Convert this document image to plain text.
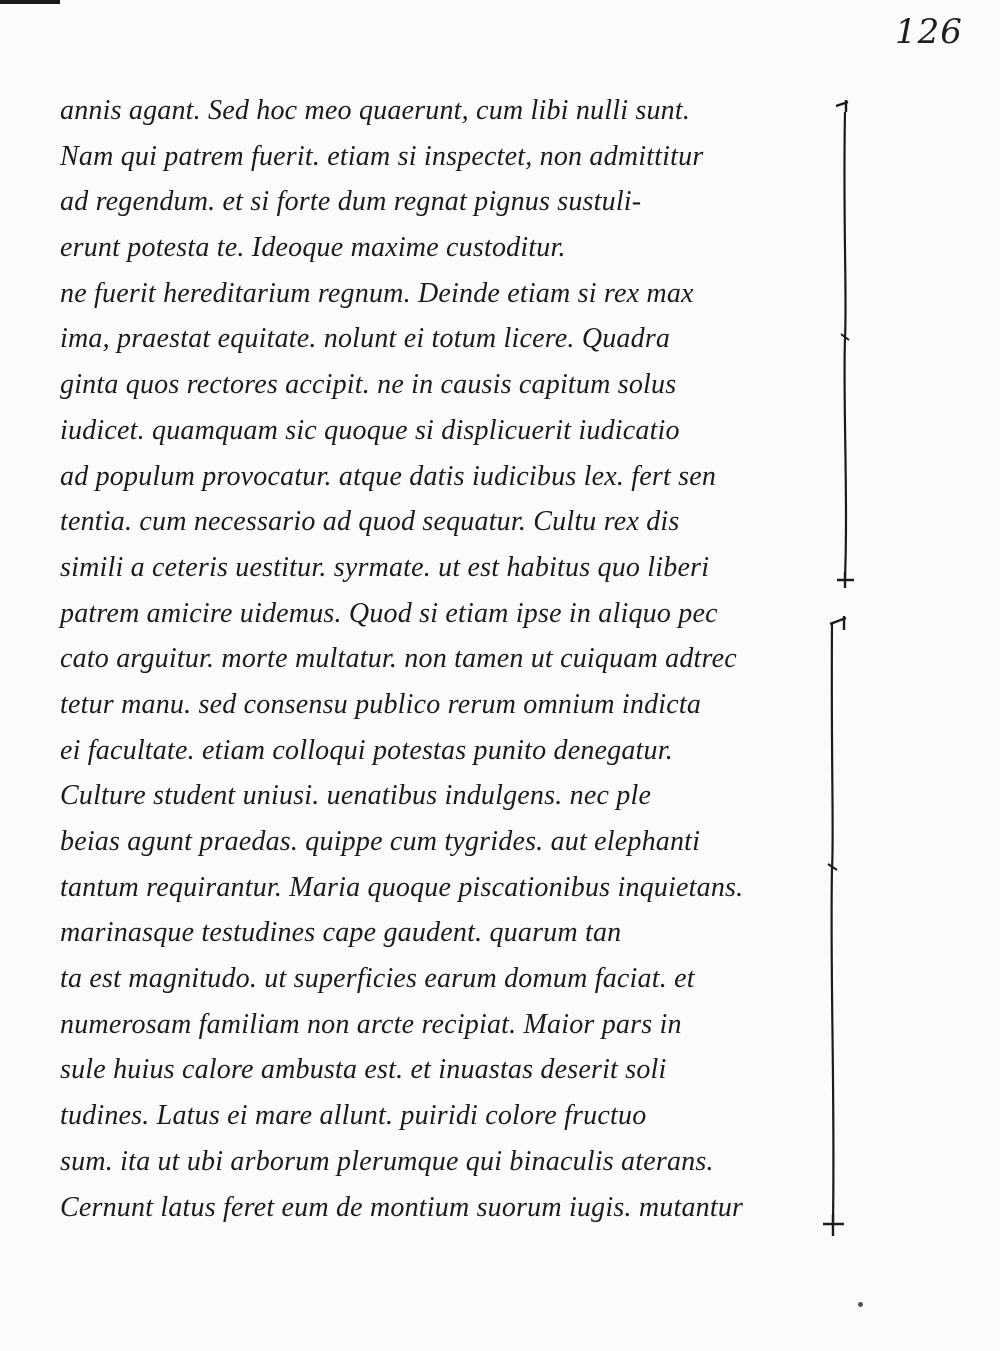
126
annis agant. Sed hoc meo quaerunt, cum libi nulli sunt.
Nam qui patrem fuerit. etiam si inspectet, non admittitur
ad regendum. et si forte dum regnat pignus sustuli-
erunt potesta te. Ideoque maxime custoditur.
ne fuerit hereditarium regnum. Deinde etiam si rex max
ima, praestat equitate. nolunt ei totum licere. Quadra
ginta quos rectores accipit. ne in causis capitum solus
iudicet. quamquam sic quoque si displicuerit iudicatio
ad populum provocatur. atque datis iudicibus lex. fert sen
tentia. cum necessario ad quod sequatur. Cultu rex dis
simili a ceteris uestitur. syrmate. ut est habitus quo liberi
patrem amicire uidemus. Quod si etiam ipse in aliquo pec
cato arguitur. morte multatur. non tamen ut cuiquam adtrec
tetur manu. sed consensu publico rerum omnium indicta
ei facultate. etiam colloqui potestas punito denegatur.
Culture student uniusi. uenatibus indulgens. nec ple
beias agunt praedas. quippe cum tygrides. aut elephanti
tantum requirantur. Maria quoque piscationibus inquietans.
marinasque testudines cape gaudent. quarum tan
ta est magnitudo. ut superficies earum domum faciat. et
numerosam familiam non arcte recipiat. Maior pars in
sule huius calore ambusta est. et inuastas deserit soli
tudines. Latus ei mare allunt. puiridi colore fructuo
sum. ita ut ubi arborum plerumque qui binaculis aterans.
Cernunt latus feret eum de montium suorum iugis. mutantur
